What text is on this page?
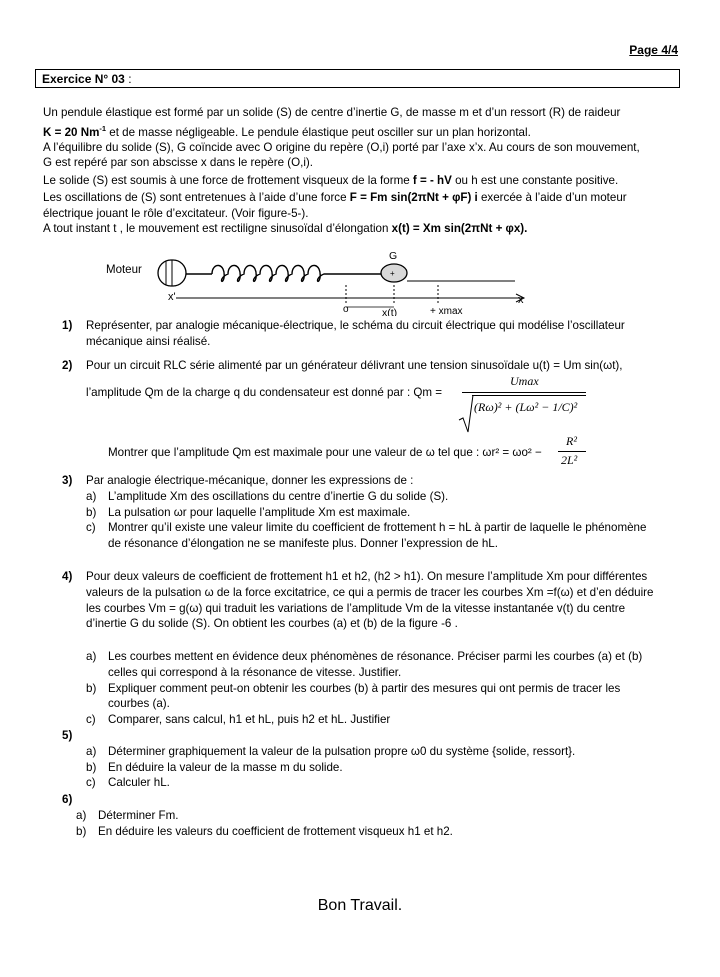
Page 4/4
Exercice N° 03 :

Un pendule élastique est formé par un solide (S) de centre d’inertie G, de masse m et d’un ressort (R) de raideur

K = 20 $Nm^{-1}$ et de masse négligeable. Le pendule élastique peut osciller sur un plan horizontal.

A l’équilibre du solide (S), G coïncide avec O origine du repère (O,i) porté par l’axe x’x. Au cours de son mouvement,

G est repéré par son abscisse x dans le repère (O,i).

Le solide (S) est soumis à une force de frottement visqueux de la forme f = - hV ou h est une constante positive.

Les oscillations de (S) sont entretenues à l’aide d’une force F = Fm sin(2πNt + φF) i exercée à l’aide d’un moteur

électrique jouant le rôle d’excitateur. (Voir figure-5-).

A tout instant t , le mouvement est rectiligne sinusoïdal d’élongation x(t) = Xm sin(2πNt + φx).

Moteur	+
G
x'	x
o	x(t)	+ xmax
1) Représenter, par analogie mécanique-électrique, le schéma du circuit électrique qui modélise l’oscillateur
mécanique ainsi réalisé.
2) Pour un circuit RLC série alimenté par un générateur délivrant une tension sinusoïdale u(t) = Um sin(ωt),
l’amplitude Qm de la charge q du condensateur est donné par : Qm =
Umax
(Rω)² + (Lω² − 1/C)²
Montrer que l’amplitude Qm est maximale pour une valeur de ω tel que : ωr² = ωo² −
R²
2L²
3) Par analogie électrique-mécanique, donner les expressions de :
a) L’amplitude Xm des oscillations du centre d’inertie G du solide (S).
b) La pulsation ωr pour laquelle l’amplitude Xm est maximale.
c) Montrer qu’il existe une valeur limite du coefficient de frottement h = hL à partir de laquelle le phénomène
de résonance d’élongation ne se manifeste plus. Donner l’expression de hL.
4) Pour deux valeurs de coefficient de frottement h1 et h2, (h2 > h1). On mesure l’amplitude Xm pour différentes
valeurs de la pulsation ω de la force excitatrice, ce qui a permis de tracer les courbes Xm =f(ω) et d’en déduire
les courbes Vm = g(ω) qui traduit les variations de l’amplitude Vm de la vitesse instantanée v(t) du centre
d’inertie G du solide (S). On obtient les courbes (a) et (b) de la figure -6 .
a) Les courbes mettent en évidence deux phénomènes de résonance. Préciser parmi les courbes (a) et (b)
celles qui correspond à la résonance de vitesse. Justifier.
b) Expliquer comment peut-on obtenir les courbes (b) à partir des mesures qui ont permis de tracer les
courbes (a).
c) Comparer, sans calcul, h1 et hL, puis h2 et hL. Justifier
5)
a) Déterminer graphiquement la valeur de la pulsation propre ω0 du système {solide, ressort}.
b) En déduire la valeur de la masse m du solide.
c) Calculer hL.
6)
a) Déterminer Fm.
b) En déduire les valeurs du coefficient de frottement visqueux h1 et h2.
Bon Travail.
